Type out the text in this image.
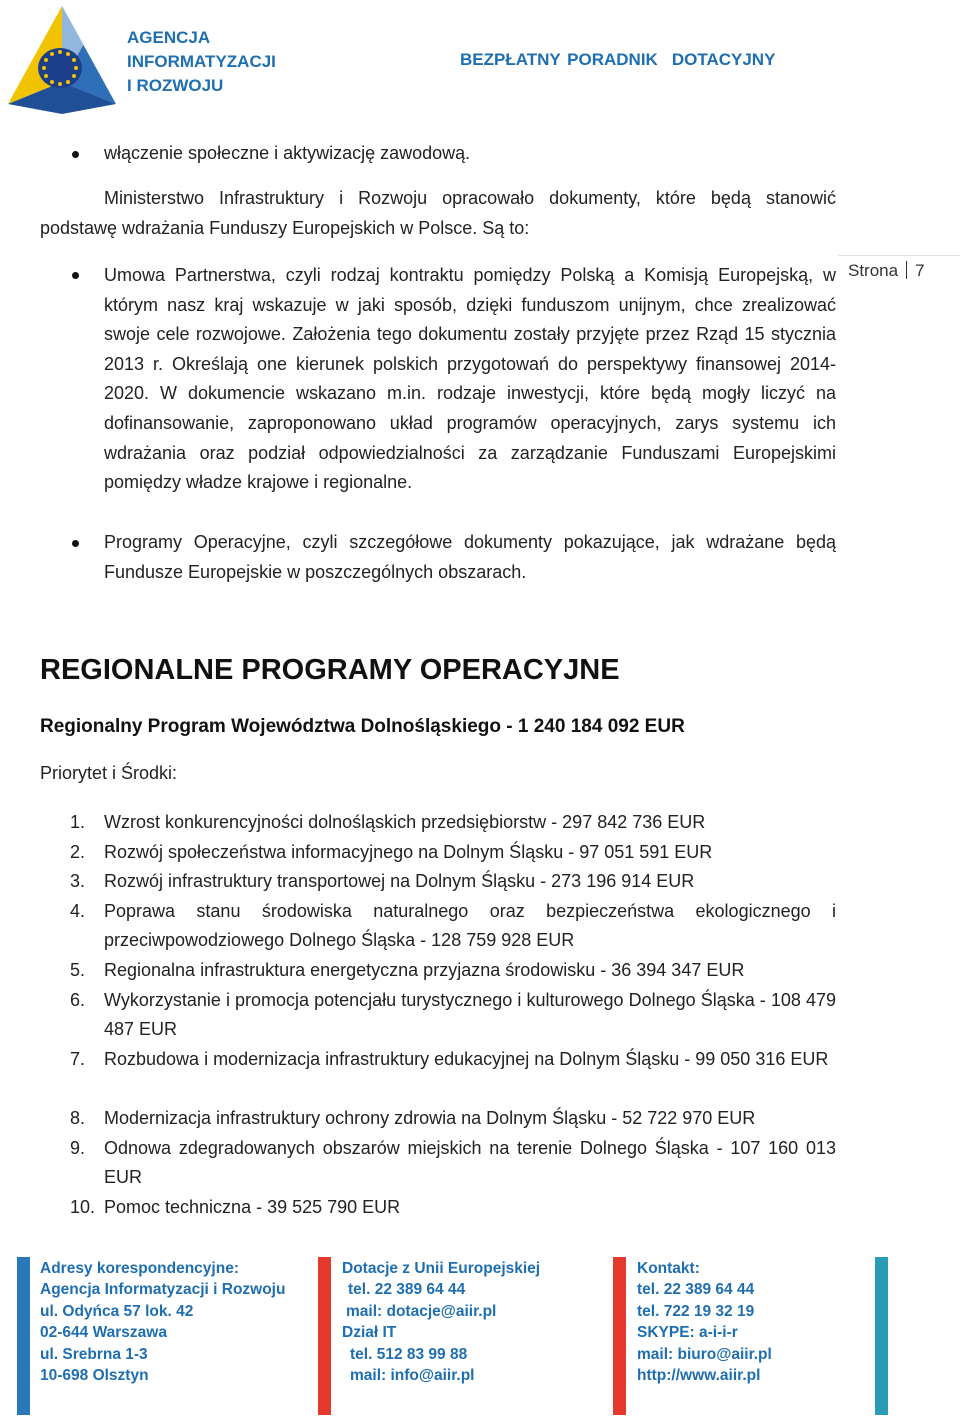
AGENCJA
INFORMATYZACJI
I ROZWOJU
BEZPŁATNY PORADNIK DOTACYJNY
Strona 7
włączenie społeczne i aktywizację zawodową.
Ministerstwo Infrastruktury i Rozwoju opracowało dokumenty, które będą stanowić podstawę wdrażania Funduszy Europejskich w Polsce. Są to:
Umowa Partnerstwa, czyli rodzaj kontraktu pomiędzy Polską a Komisją Europejską, w którym nasz kraj wskazuje w jaki sposób, dzięki funduszom unijnym, chce zrealizować swoje cele rozwojowe. Założenia tego dokumentu zostały przyjęte przez Rząd 15 stycznia 2013 r. Określają one kierunek polskich przygotowań do perspektywy finansowej 2014-2020. W dokumencie wskazano m.in. rodzaje inwestycji, które będą mogły liczyć na dofinansowanie, zaproponowano układ programów operacyjnych, zarys systemu ich wdrażania oraz podział odpowiedzialności za zarządzanie Funduszami Europejskimi pomiędzy władze krajowe i regionalne.
Programy Operacyjne, czyli szczegółowe dokumenty pokazujące, jak wdrażane będą Fundusze Europejskie w poszczególnych obszarach.
REGIONALNE PROGRAMY OPERACYJNE
Regionalny Program Województwa Dolnośląskiego - 1 240 184 092 EUR
Priorytet i Środki:
1. Wzrost konkurencyjności dolnośląskich przedsiębiorstw - 297 842 736 EUR
2. Rozwój społeczeństwa informacyjnego na Dolnym Śląsku - 97 051 591 EUR
3. Rozwój infrastruktury transportowej na Dolnym Śląsku - 273 196 914 EUR
4. Poprawa stanu środowiska naturalnego oraz bezpieczeństwa ekologicznego i przeciwpowodziowego Dolnego Śląska - 128 759 928 EUR
5. Regionalna infrastruktura energetyczna przyjazna środowisku - 36 394 347 EUR
6. Wykorzystanie i promocja potencjału turystycznego i kulturowego Dolnego Śląska - 108 479 487 EUR
7. Rozbudowa i modernizacja infrastruktury edukacyjnej na Dolnym Śląsku - 99 050 316 EUR
8. Modernizacja infrastruktury ochrony zdrowia na Dolnym Śląsku - 52 722 970 EUR
9. Odnowa zdegradowanych obszarów miejskich na terenie Dolnego Śląska - 107 160 013 EUR
10. Pomoc techniczna - 39 525 790 EUR
Adresy korespondencyjne:
Agencja Informatyzacji i Rozwoju
ul. Odyńca 57 lok. 42
02-644 Warszawa
ul. Srebrna 1-3
10-698 Olsztyn
Dotacje z Unii Europejskiej
tel. 22 389 64 44
mail: dotacje@aiir.pl
Dział IT
tel. 512 83 99 88
mail: info@aiir.pl
Kontakt:
tel. 22 389 64 44
tel. 722 19 32 19
SKYPE: a-i-i-r
mail: biuro@aiir.pl
http://www.aiir.pl
